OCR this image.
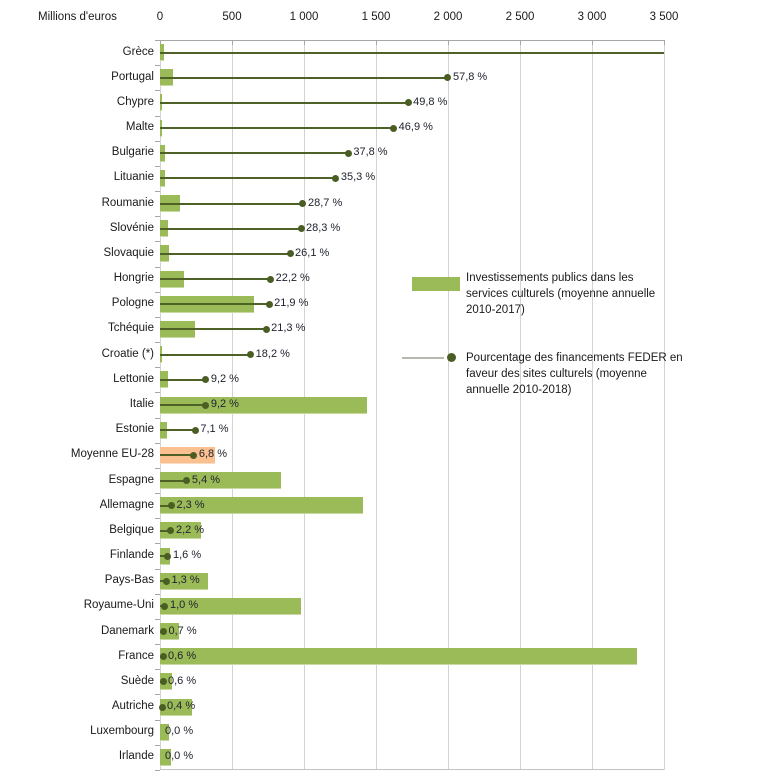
Millions d'euros	0	500	1 000	1 500	2 000	2 500	3 000	3 500
57,8 %
49,8 %
46,9 %
37,8 %
35,3 %
28,7 %
28,3 %
26,1 %
22,2 %
21,9 %
21,3 %
18,2 %
9,2 %
9,2 %
7,1 %
6,8 %
5,4 %
2,3 %
2,2 %
1,6 %
1,3 %
1,0 %
0,7 %
0,6 %
0,6 %
0,4 %
0,0 %
0,0 %
Grèce
Portugal
Chypre
Malte
Bulgarie
Lituanie
Roumanie
Slovénie
Slovaquie
Hongrie
Pologne
Tchéquie
Croatie (*)
Lettonie
Italie
Estonie
Moyenne EU-28
Espagne
Allemagne
Belgique
Finlande
Pays-Bas
Royaume-Uni
Danemark
France
Suède
Autriche
Luxembourg
Irlande
Investissements publics dans les services culturels (moyenne annuelle 2010-2017)
Pourcentage des financements FEDER en faveur des sites culturels (moyenne annuelle 2010-2018)
